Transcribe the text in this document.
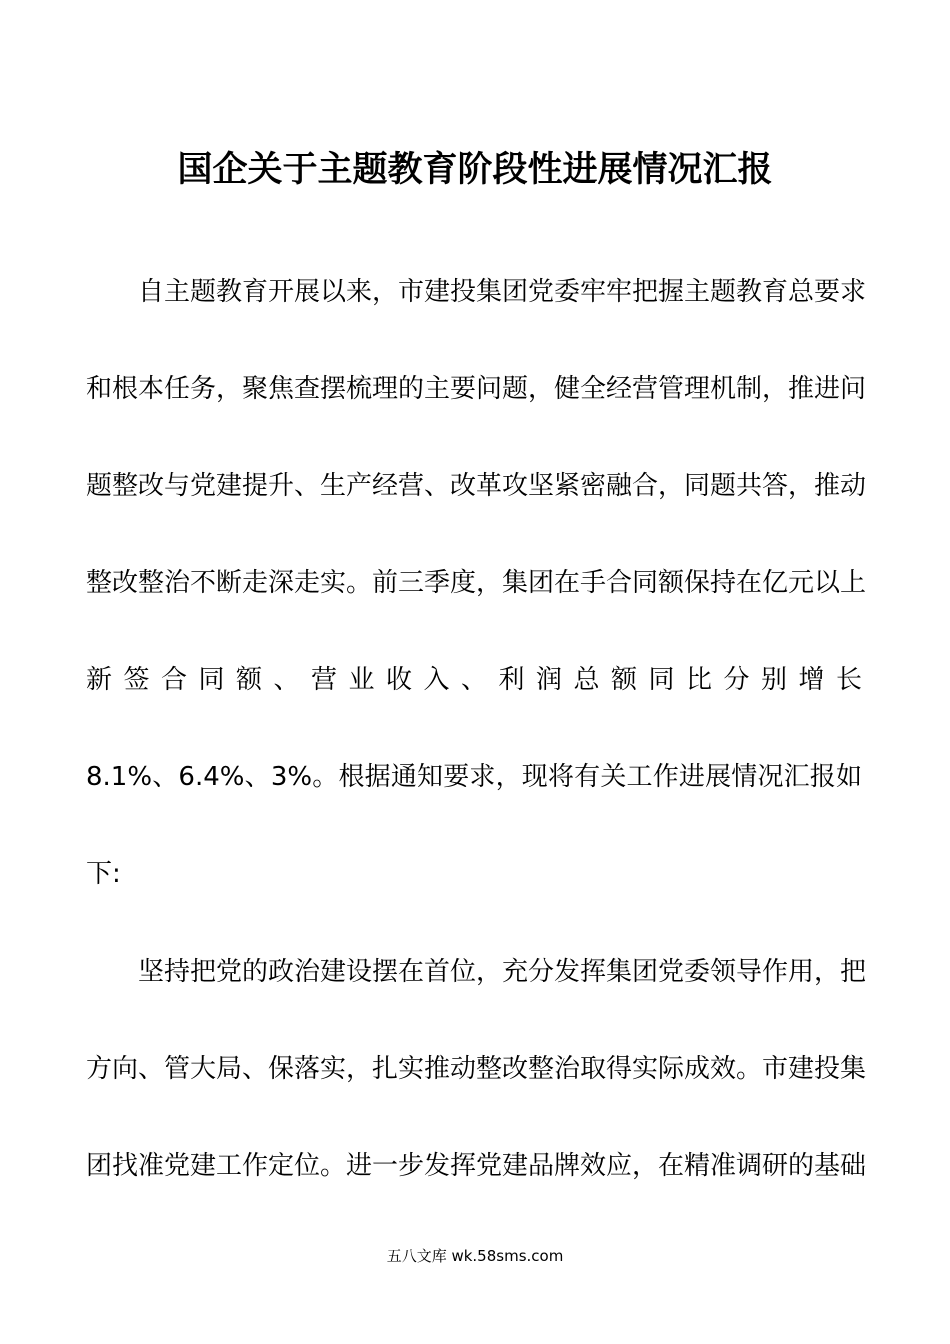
国企关于主题教育阶段性进展情况汇报
自主题教育开展以来，市建投集团党委牢牢把握主题教育总要求
和根本任务，聚焦查摆梳理的主要问题，健全经营管理机制，推进问
题整改与党建提升、生产经营、改革攻坚紧密融合，同题共答，推动
整改整治不断走深走实。前三季度，集团在手合同额保持在亿元以上
新签合同额、营业收入、利润总额同比分别增长
8.1%、6.4%、3%。根据通知要求，现将有关工作进展情况汇报如
下:
坚持把党的政治建设摆在首位，充分发挥集团党委领导作用，把
方向、管大局、保落实，扎实推动整改整治取得实际成效。市建投集
团找准党建工作定位。进一步发挥党建品牌效应，在精准调研的基础
五八文库 wk.58sms.com
